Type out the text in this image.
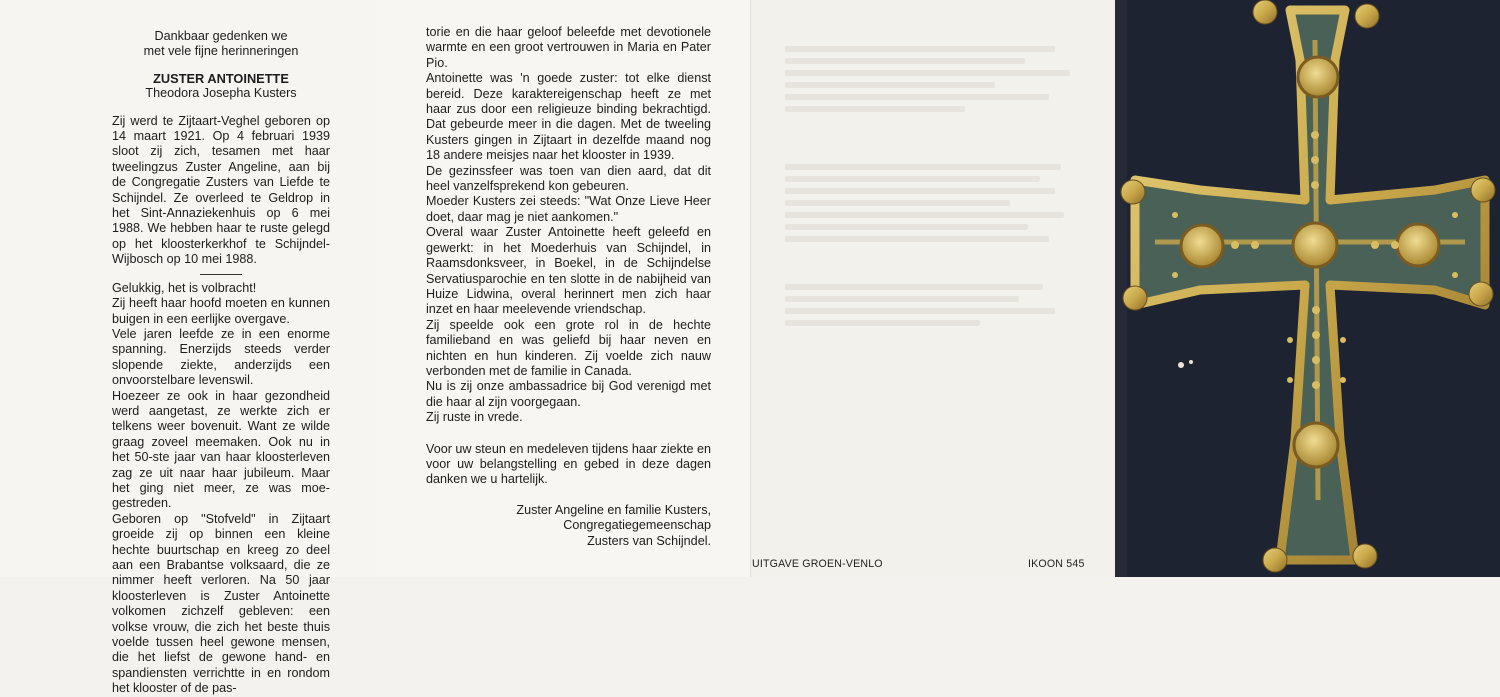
Dankbaar gedenken we
met vele fijne herinneringen
ZUSTER ANTOINETTE
Theodora Josepha Kusters
Zij werd te Zijtaart-Veghel geboren op 14 maart 1921. Op 4 februari 1939 sloot zij zich, tesamen met haar tweelingzus Zuster Angeline, aan bij de Congregatie Zusters van Liefde te Schijndel. Ze overleed te Geldrop in het Sint-Annaziekenhuis op 6 mei 1988. We hebben haar te ruste gelegd op het kloosterkerkhof te Schijndel-Wijbosch op 10 mei 1988.
Gelukkig, het is volbracht!
Zij heeft haar hoofd moeten en kunnen buigen in een eerlijke overgave.
Vele jaren leefde ze in een enorme spanning. Enerzijds steeds verder slopende ziekte, anderzijds een onvoorstelbare levenswil.
Hoezeer ze ook in haar gezondheid werd aangetast, ze werkte zich er telkens weer bovenuit. Want ze wilde graag zoveel meemaken. Ook nu in het 50-ste jaar van haar kloosterleven zag ze uit naar haar jubileum. Maar het ging niet meer, ze was moe-gestreden.
Geboren op "Stofveld" in Zijtaart groeide zij op binnen een kleine hechte buurtschap en kreeg zo deel aan een Brabantse volksaard, die ze nimmer heeft verloren. Na 50 jaar kloosterleven is Zuster Antoinette volkomen zichzelf gebleven: een volkse vrouw, die zich het beste thuis voelde tussen heel gewone mensen, die het liefst de gewone hand- en spandiensten verrichtte in en rondom het klooster of de pas-
torie en die haar geloof beleefde met devotionele warmte en een groot vertrouwen in Maria en Pater Pio.
Antoinette was 'n goede zuster: tot elke dienst bereid. Deze karaktereigenschap heeft ze met haar zus door een religieuze binding bekrachtigd. Dat gebeurde meer in die dagen. Met de tweeling Kusters gingen in Zijtaart in dezelfde maand nog 18 andere meisjes naar het klooster in 1939.
De gezinssfeer was toen van dien aard, dat dit heel vanzelfsprekend kon gebeuren.
Moeder Kusters zei steeds: "Wat Onze Lieve Heer doet, daar mag je niet aankomen."
Overal waar Zuster Antoinette heeft geleefd en gewerkt: in het Moederhuis van Schijndel, in Raamsdonksveer, in Boekel, in de Schijndelse Servatiusparochie en ten slotte in de nabijheid van Huize Lidwina, overal herinnert men zich haar inzet en haar meelevende vriendschap.
Zij speelde ook een grote rol in de hechte familieband en was geliefd bij haar neven en nichten en hun kinderen. Zij voelde zich nauw verbonden met de familie in Canada.
Nu is zij onze ambassadrice bij God verenigd met die haar al zijn voorgegaan.
Zij ruste in vrede.
Voor uw steun en medeleven tijdens haar ziekte en voor uw belangstelling en gebed in deze dagen danken we u hartelijk.
Zuster Angeline en familie Kusters,
Congregatiegemeenschap
Zusters van Schijndel.
UITGAVE GROEN-VENLO	IKOON 545
